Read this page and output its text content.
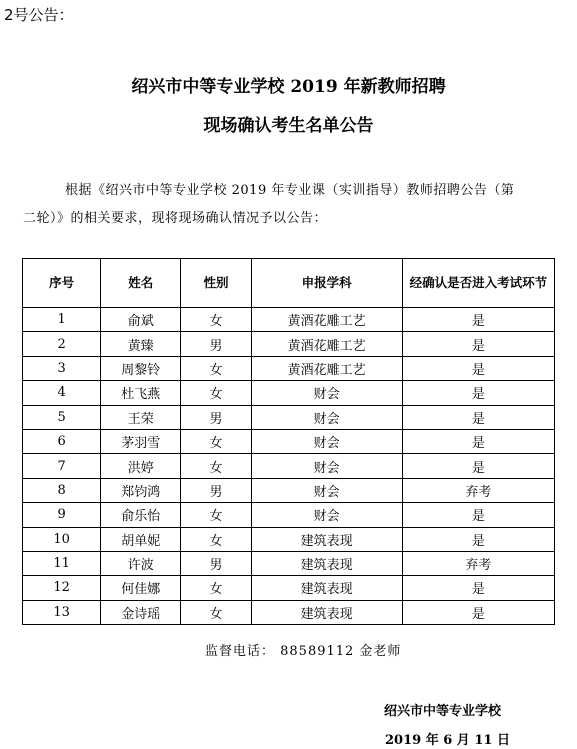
2号公告：
绍兴市中等专业学校 2019 年新教师招聘
现场确认考生名单公告
根据《绍兴市中等专业学校 2019 年专业课（实训指导）教师招聘公告（第
二轮）》的相关要求，现将现场确认情况予以公告：
序号	姓名	性别	申报学科	经确认是否进入考试环节
1	俞斌	女	黄酒花雕工艺	是
2	黄臻	男	黄酒花雕工艺	是
3	周黎铃	女	黄酒花雕工艺	是
4	杜飞燕	女	财会	是
5	王荣	男	财会	是
6	茅羽雪	女	财会	是
7	洪婷	女	财会	是
8	郑钧鸿	男	财会	弃考
9	俞乐怡	女	财会	是
10	胡单妮	女	建筑表现	是
11	许波	男	建筑表现	弃考
12	何佳娜	女	建筑表现	是
13	金诗瑶	女	建筑表现	是
监督电话： 88589112 金老师
绍兴市中等专业学校
2019 年 6 月 11 日
